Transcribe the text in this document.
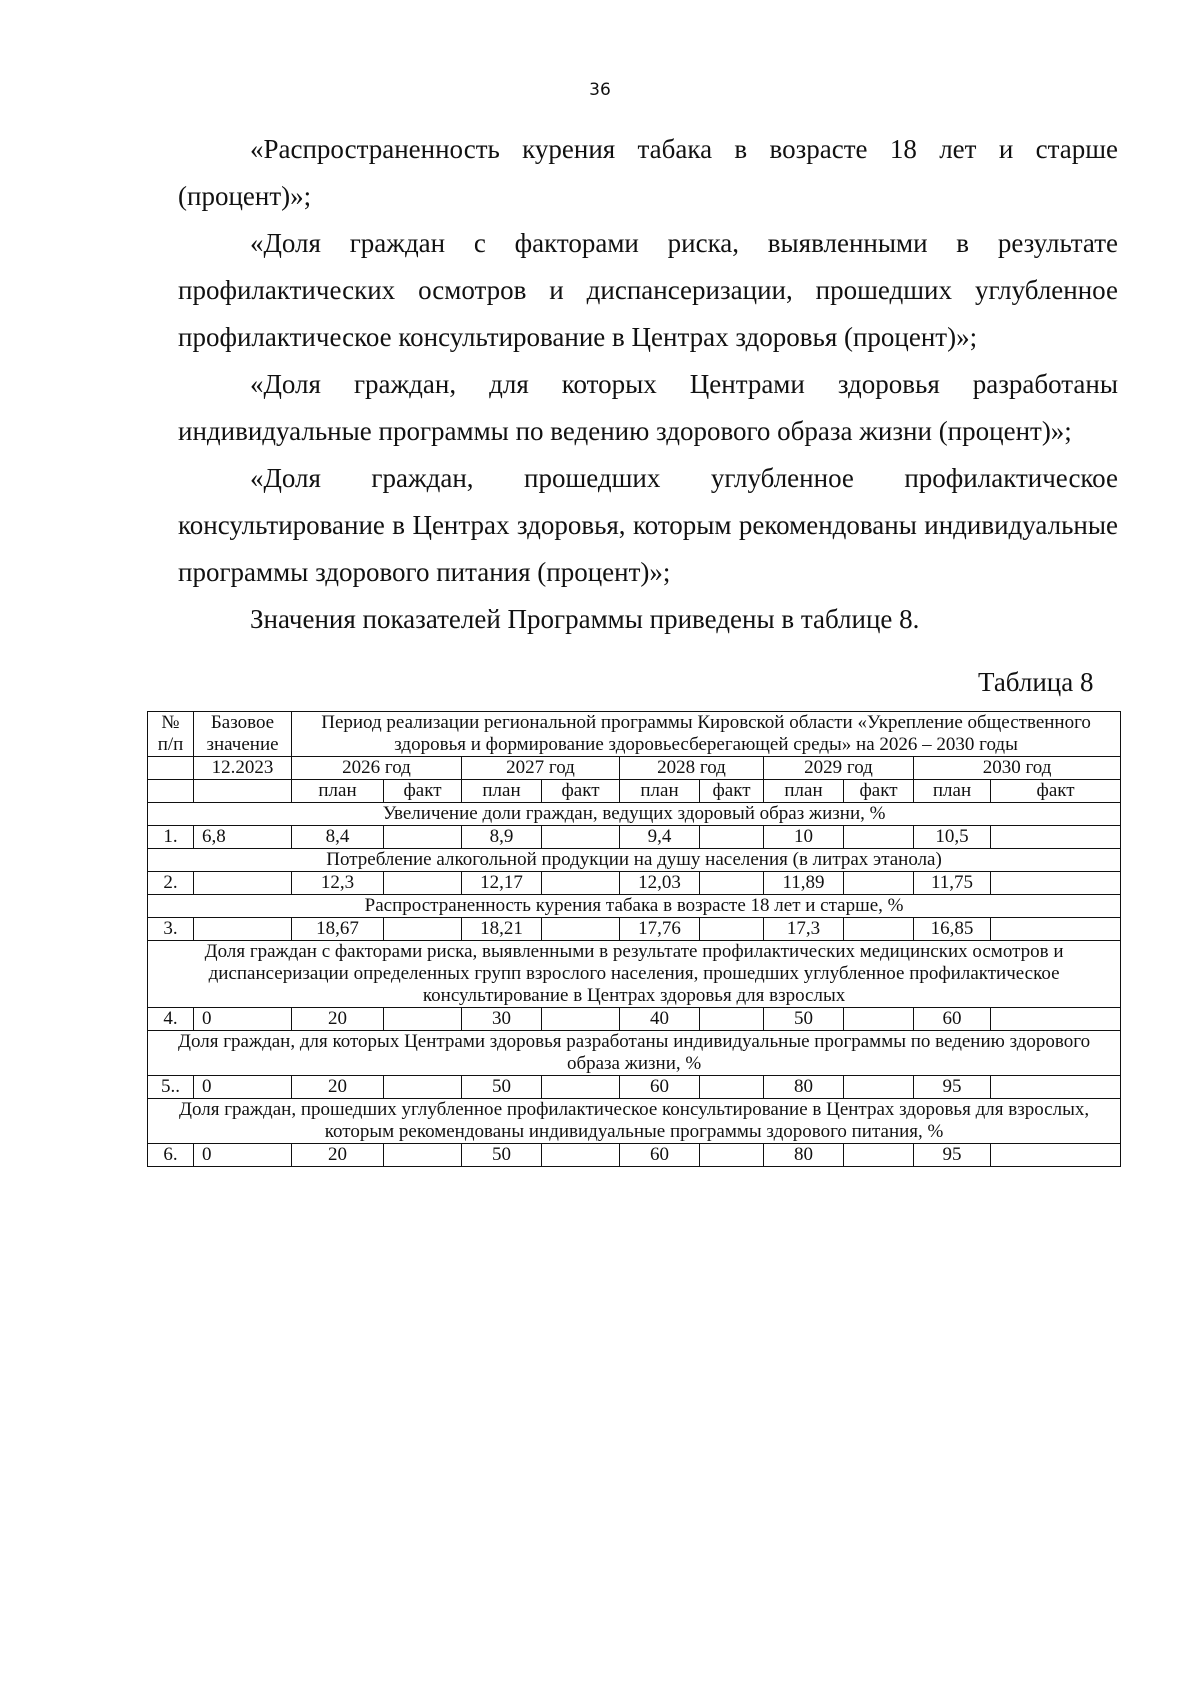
36

«Распространенность курения табака в возрасте 18 лет и старше (процент)»;

«Доля граждан с факторами риска, выявленными в результате профилактических осмотров и диспансеризации, прошедших углубленное профилактическое консультирование в Центрах здоровья (процент)»;

«Доля граждан, для которых Центрами здоровья разработаны индивидуальные программы по ведению здорового образа жизни (процент)»;

«Доля граждан, прошедших углубленное профилактическое консультирование в Центрах здоровья, которым рекомендованы индивидуальные программы здорового питания (процент)»;

Значения показателей Программы приведены в таблице 8.

Таблица 8
№ п/п	Базовое значение	Период реализации региональной программы Кировской области «Укрепление общественного здоровья и формирование здоровьесберегающей среды» на 2026 – 2030 годы									
	12.2023	2026 год		2027 год		2028 год		2029 год		2030 год	
		план	факт	план	факт	план	факт	план	факт	план	факт
Увеличение доли граждан, ведущих здоровый образ жизни, %											
1.	6,8	8,4		8,9		9,4		10		10,5	
Потребление алкогольной продукции на душу населения (в литрах этанола)											
2.		12,3		12,17		12,03		11,89		11,75	
Распространенность курения табака в возрасте 18 лет и старше, %											
3.		18,67		18,21		17,76		17,3		16,85	
Доля граждан с факторами риска, выявленными в результате профилактических медицинских осмотров и диспансеризации определенных групп взрослого населения, прошедших углубленное профилактическое консультирование в Центрах здоровья для взрослых											
4.	0	20		30		40		50		60	
Доля граждан, для которых Центрами здоровья разработаны индивидуальные программы по ведению здорового образа жизни, %											
5..	0	20		50		60		80		95	
Доля граждан, прошедших углубленное профилактическое консультирование в Центрах здоровья для взрослых, которым рекомендованы индивидуальные программы здорового питания, %											
6.	0	20		50		60		80		95	
